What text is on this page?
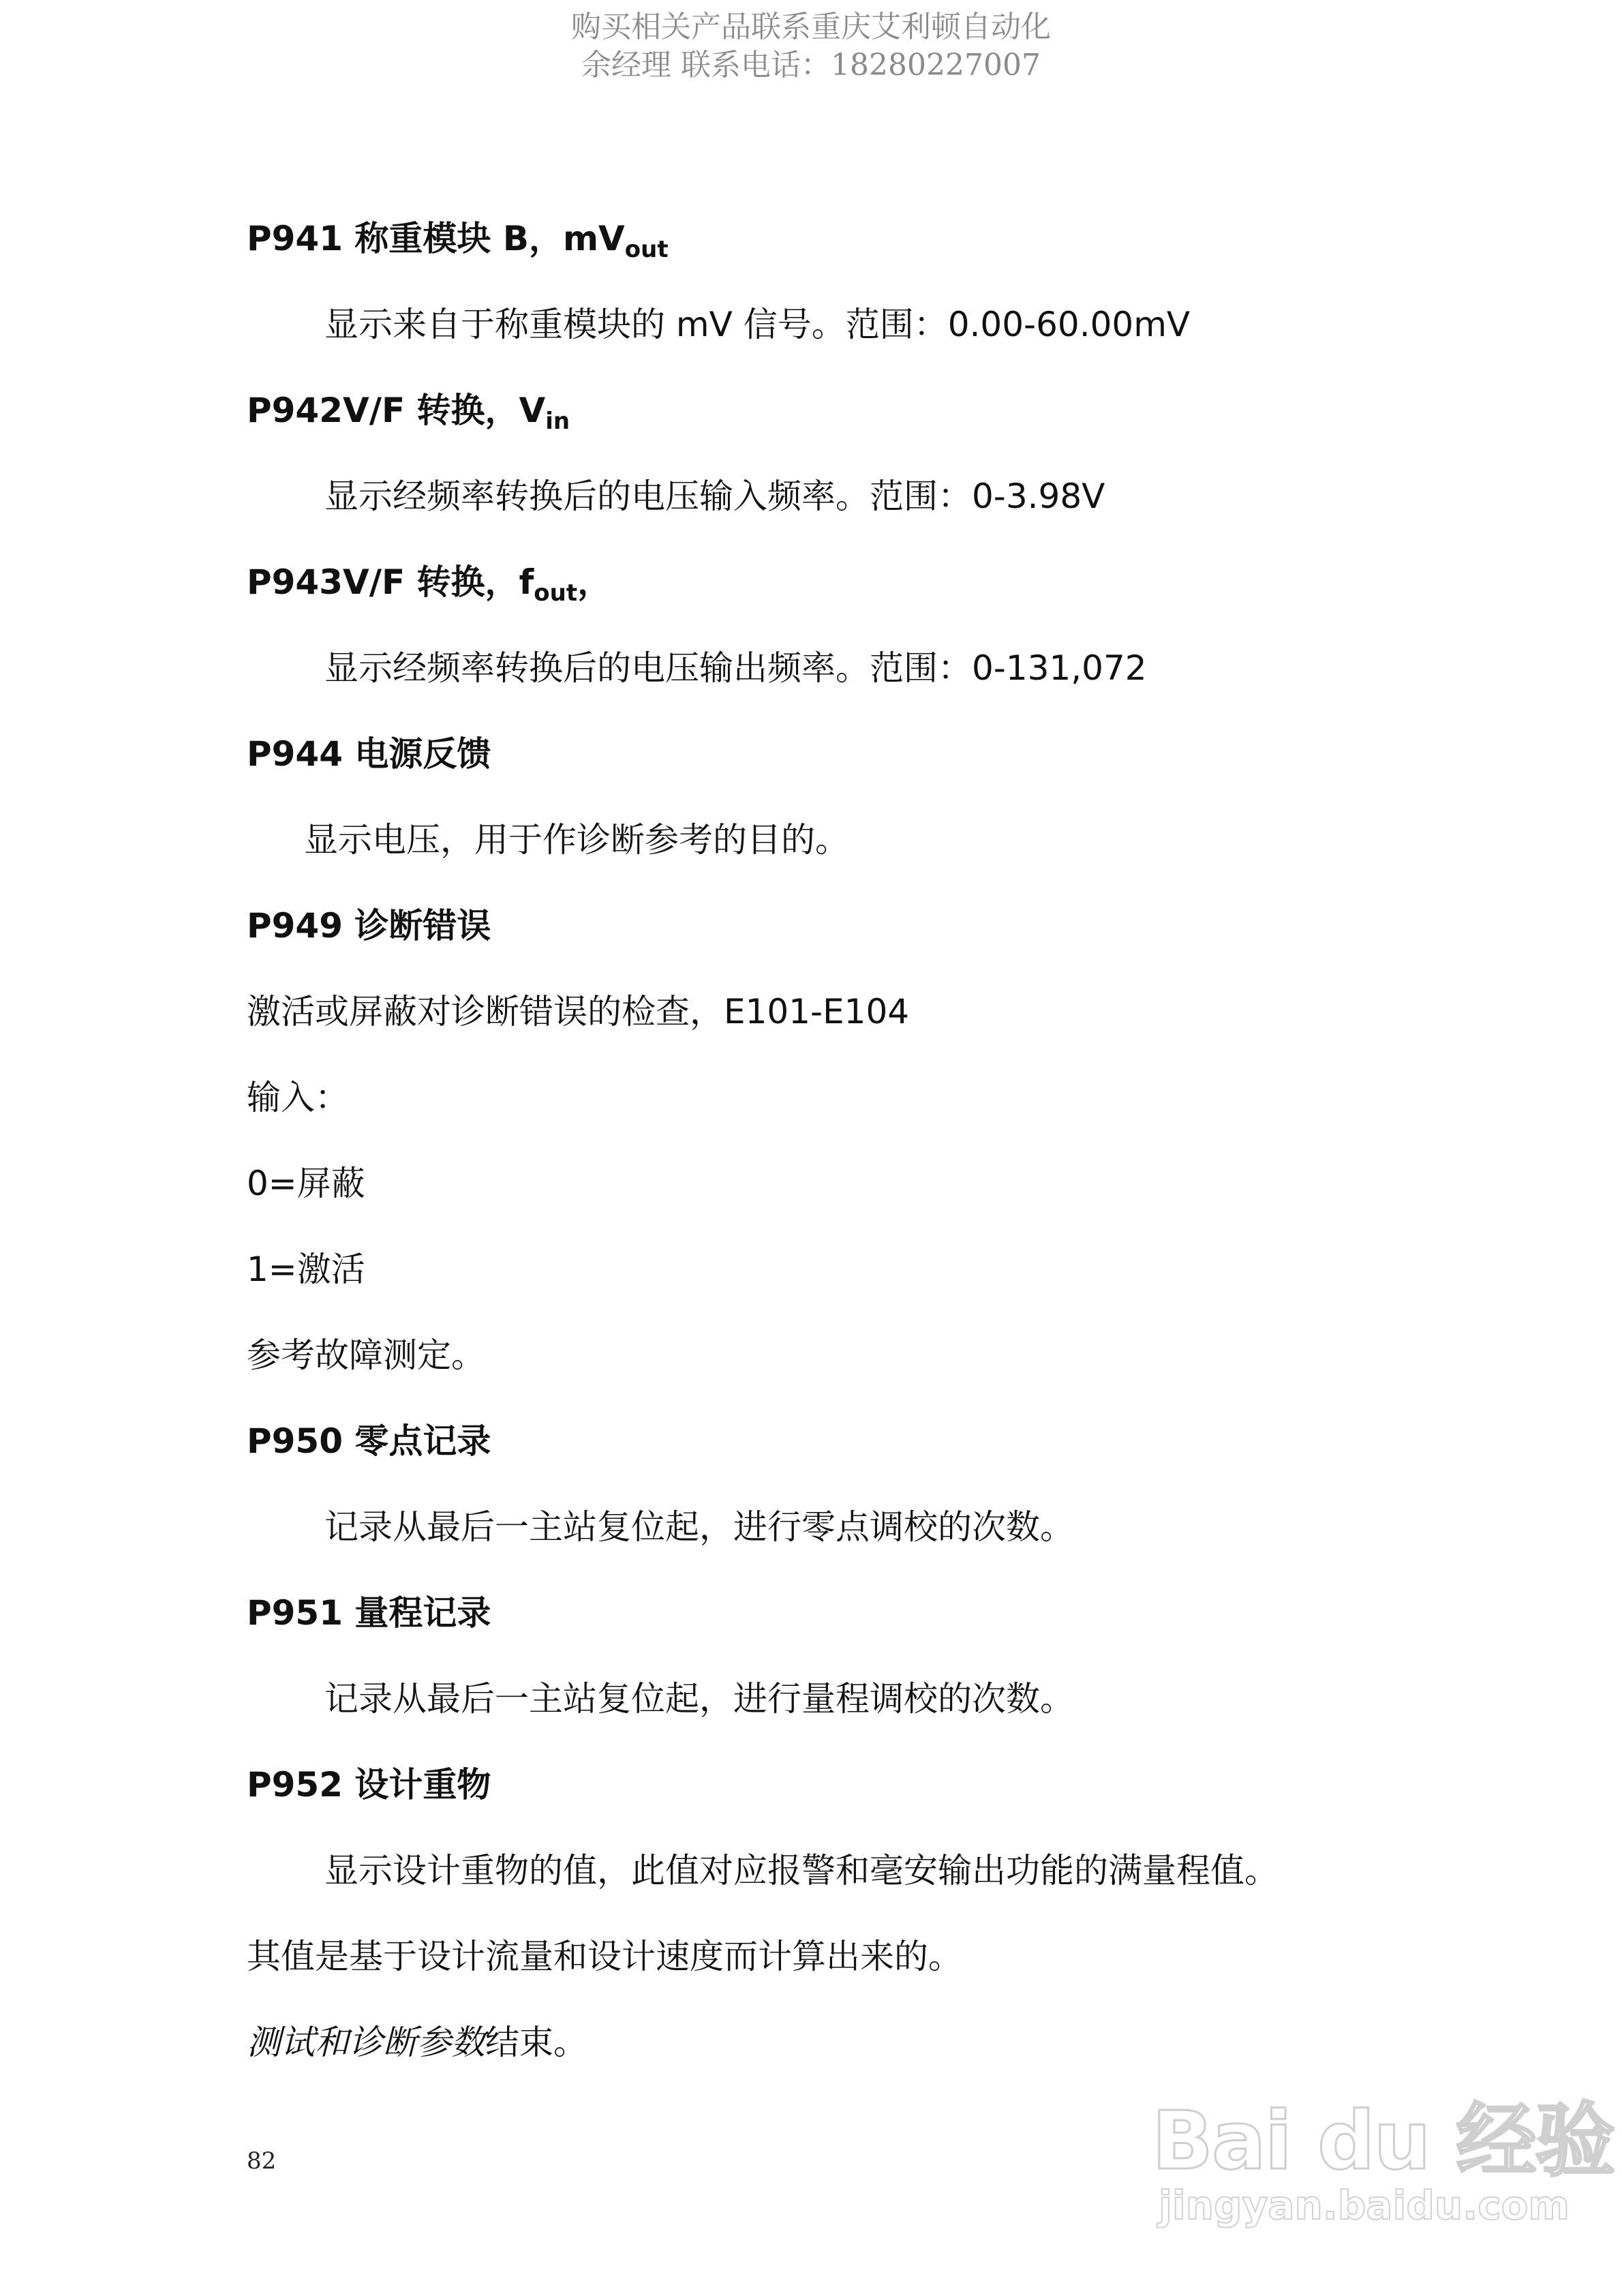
购买相关产品联系重庆艾利顿自动化
余经理 联系电话：18280227007
P941 称重模块 B，$mV_{out}$
显示来自于称重模块的 mV 信号。范围：0.00-60.00mV
P942V/F 转换，$V_{in}$
显示经频率转换后的电压输入频率。范围：0-3.98V
P943V/F 转换，$f_{out}$，
显示经频率转换后的电压输出频率。范围：0-131,072
P944 电源反馈
显示电压，用于作诊断参考的目的。
P949 诊断错误
激活或屏蔽对诊断错误的检查，E101-E104
输入：
0=屏蔽
1=激活
参考故障测定。
P950 零点记录
记录从最后一主站复位起，进行零点调校的次数。
P951 量程记录
记录从最后一主站复位起，进行量程调校的次数。
P952 设计重物
显示设计重物的值，此值对应报警和毫安输出功能的满量程值。
其值是基于设计流量和设计速度而计算出来的。
测试和诊断参数结束。
82	Bai du 经验
jingyan.baidu.com
